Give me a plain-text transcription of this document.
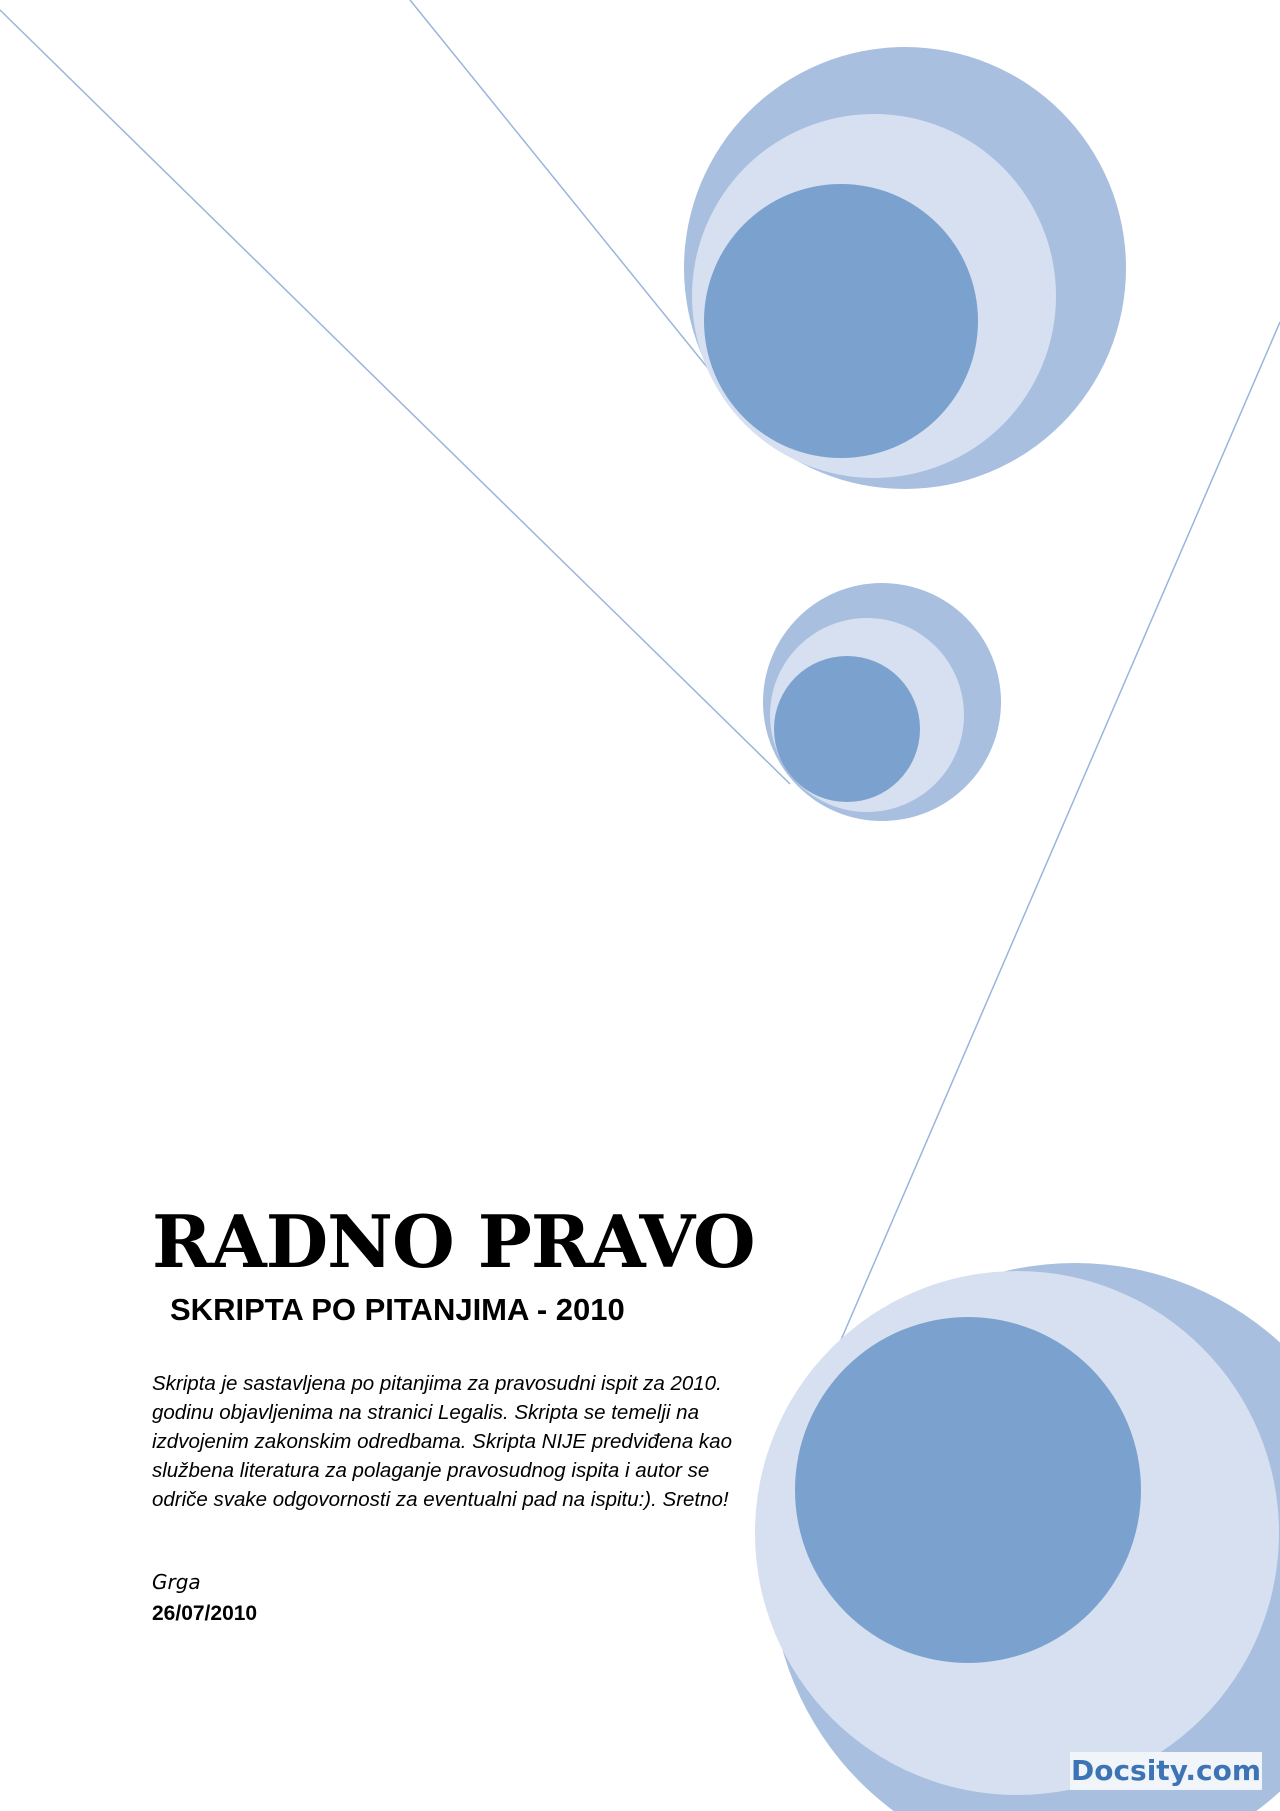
RADNO PRAVO
SKRIPTA PO PITANJIMA - 2010

Skripta je sastavljena po pitanjima za pravosudni ispit za 2010. godinu objavljenima na stranici Legalis. Skripta se temelji na izdvojenim zakonskim odredbama. Skripta NIJE predviđena kao službena literatura za polaganje pravosudnog ispita i autor se odriče svake odgovornosti za eventualni pad na ispitu:). Sretno!

Grga
26/07/2010
Docsity.com
